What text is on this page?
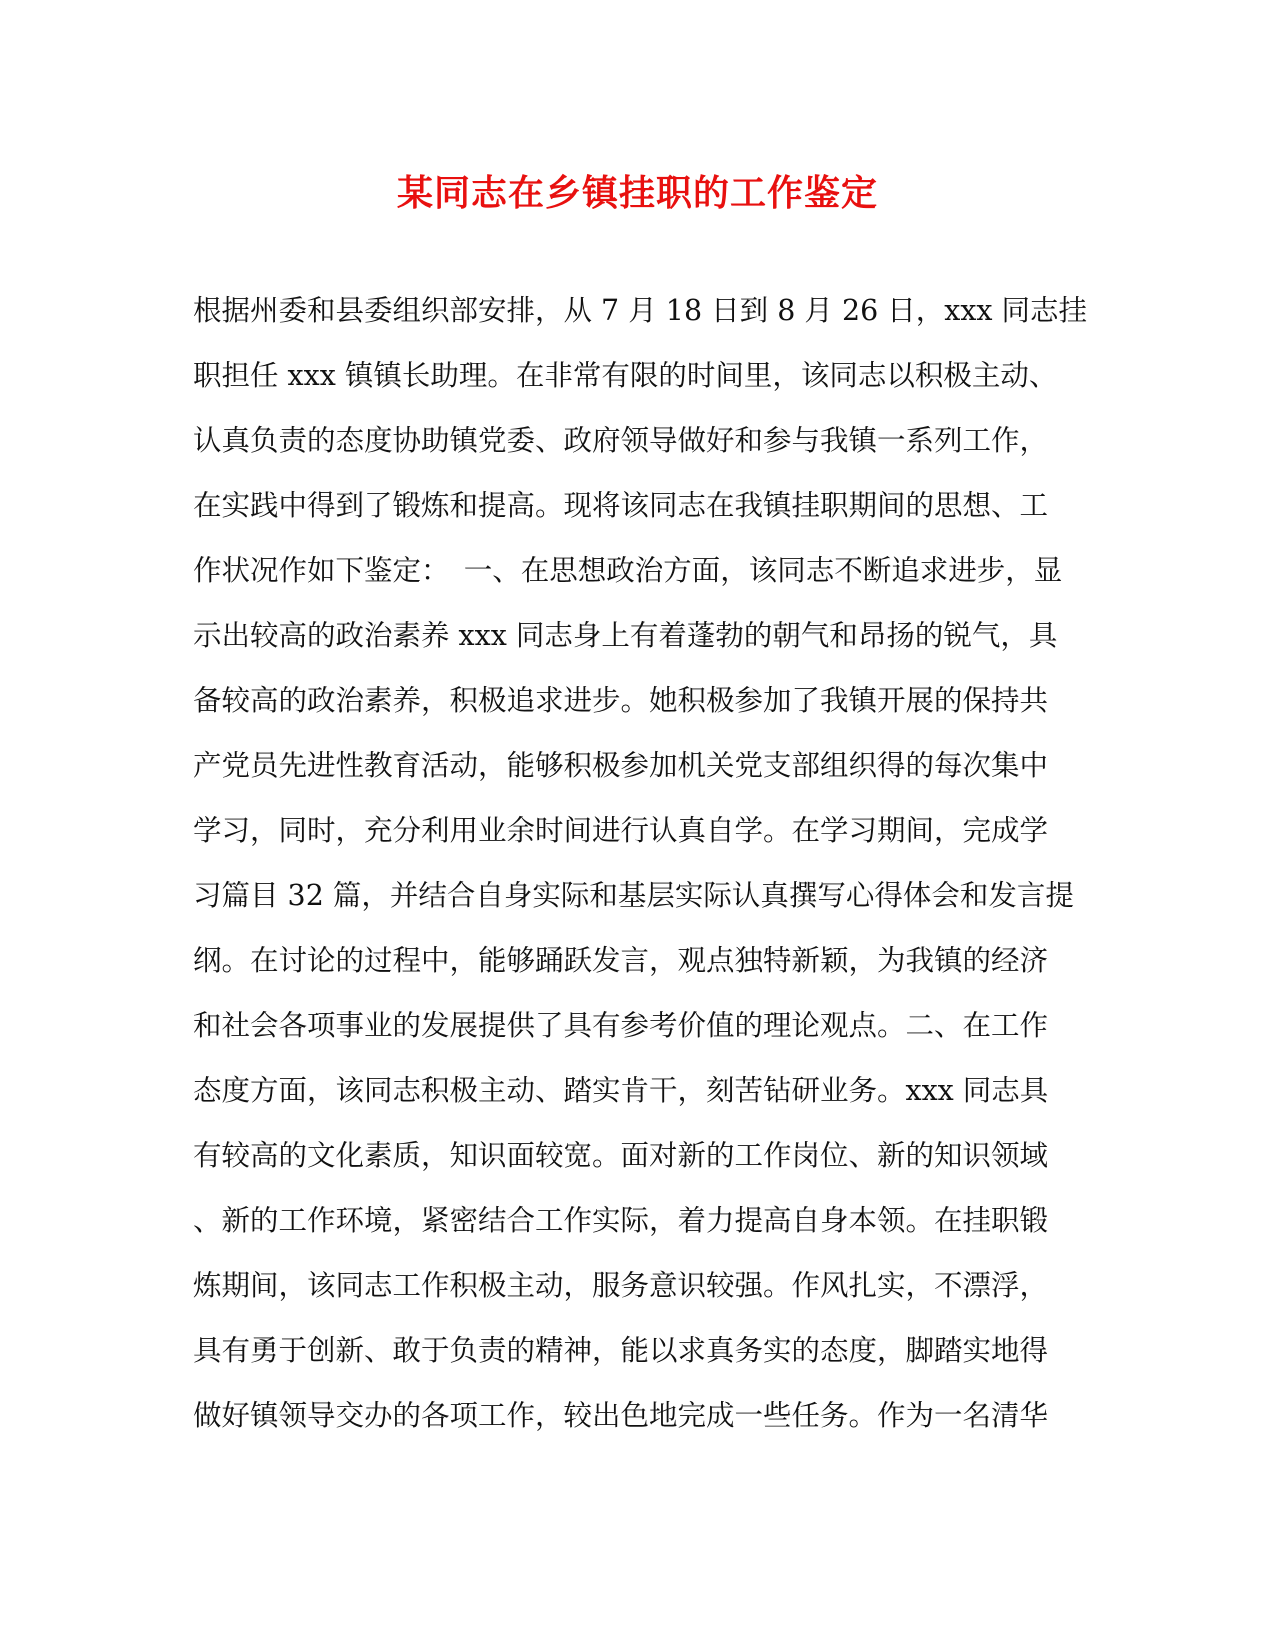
某同志在乡镇挂职的工作鉴定
根据州委和县委组织部安排，从 7 月 18 日到 8 月 26 日，xxx 同志挂
职担任 xxx 镇镇长助理。在非常有限的时间里，该同志以积极主动、
认真负责的态度协助镇党委、政府领导做好和参与我镇一系列工作，
在实践中得到了锻炼和提高。现将该同志在我镇挂职期间的思想、工
作状况作如下鉴定：　一、在思想政治方面，该同志不断追求进步，显
示出较高的政治素养 xxx 同志身上有着蓬勃的朝气和昂扬的锐气，具
备较高的政治素养，积极追求进步。她积极参加了我镇开展的保持共
产党员先进性教育活动，能够积极参加机关党支部组织得的每次集中
学习，同时，充分利用业余时间进行认真自学。在学习期间，完成学
习篇目 32 篇，并结合自身实际和基层实际认真撰写心得体会和发言提
纲。在讨论的过程中，能够踊跃发言，观点独特新颖，为我镇的经济
和社会各项事业的发展提供了具有参考价值的理论观点。二、在工作
态度方面，该同志积极主动、踏实肯干，刻苦钻研业务。xxx 同志具
有较高的文化素质，知识面较宽。面对新的工作岗位、新的知识领域
、新的工作环境，紧密结合工作实际，着力提高自身本领。在挂职锻
炼期间，该同志工作积极主动，服务意识较强。作风扎实，不漂浮，
具有勇于创新、敢于负责的精神，能以求真务实的态度，脚踏实地得
做好镇领导交办的各项工作，较出色地完成一些任务。作为一名清华
